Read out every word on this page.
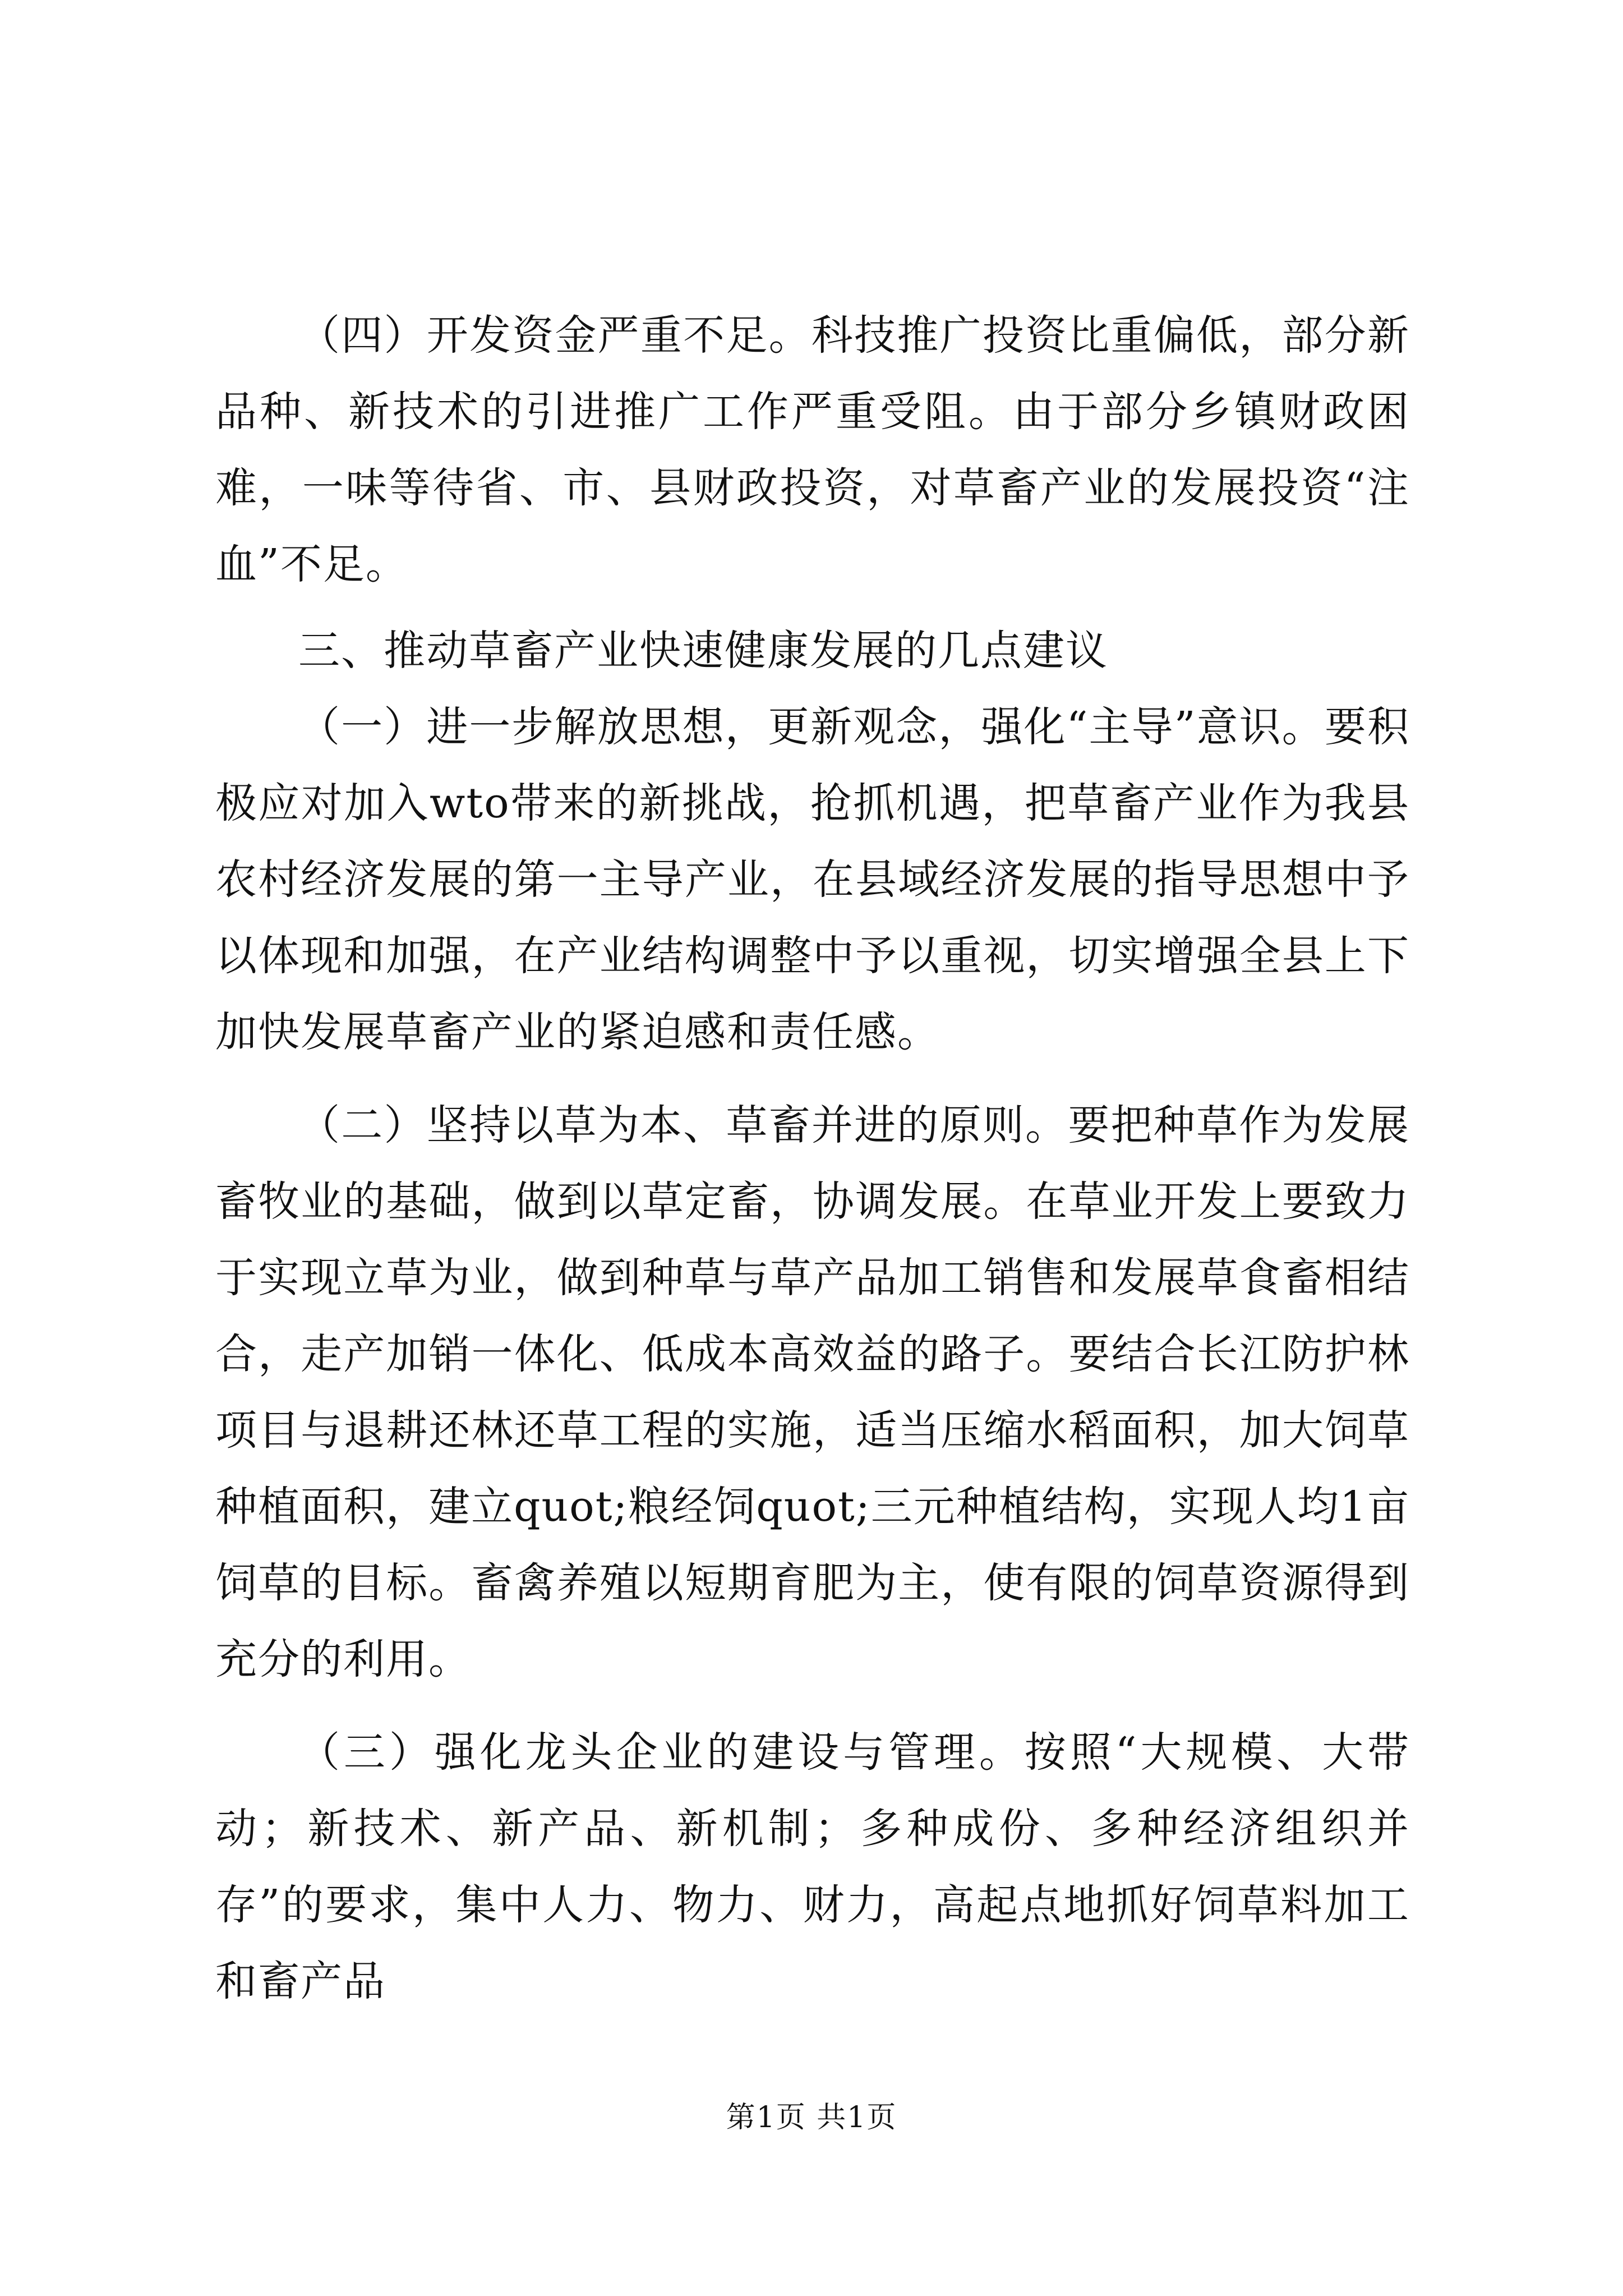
（四）开发资金严重不足。科技推广投资比重偏低，部分新品种、新技术的引进推广工作严重受阻。由于部分乡镇财政困难，一味等待省、市、县财政投资，对草畜产业的发展投资“注血”不足。

三、推动草畜产业快速健康发展的几点建议

（一）进一步解放思想，更新观念，强化“主导”意识。要积极应对加入wto带来的新挑战，抢抓机遇，把草畜产业作为我县农村经济发展的第一主导产业，在县域经济发展的指导思想中予以体现和加强，在产业结构调整中予以重视，切实增强全县上下加快发展草畜产业的紧迫感和责任感。

（二）坚持以草为本、草畜并进的原则。要把种草作为发展畜牧业的基础，做到以草定畜，协调发展。在草业开发上要致力于实现立草为业，做到种草与草产品加工销售和发展草食畜相结合，走产加销一体化、低成本高效益的路子。要结合长江防护林项目与退耕还林还草工程的实施，适当压缩水稻面积，加大饲草种植面积，建立quot;粮经饲quot;三元种植结构，实现人均1亩饲草的目标。畜禽养殖以短期育肥为主，使有限的饲草资源得到充分的利用。

（三）强化龙头企业的建设与管理。按照“大规模、大带动；新技术、新产品、新机制；多种成份、多种经济组织并存”的要求，集中人力、物力、财力，高起点地抓好饲草料加工和畜产品

第1页 共1页
